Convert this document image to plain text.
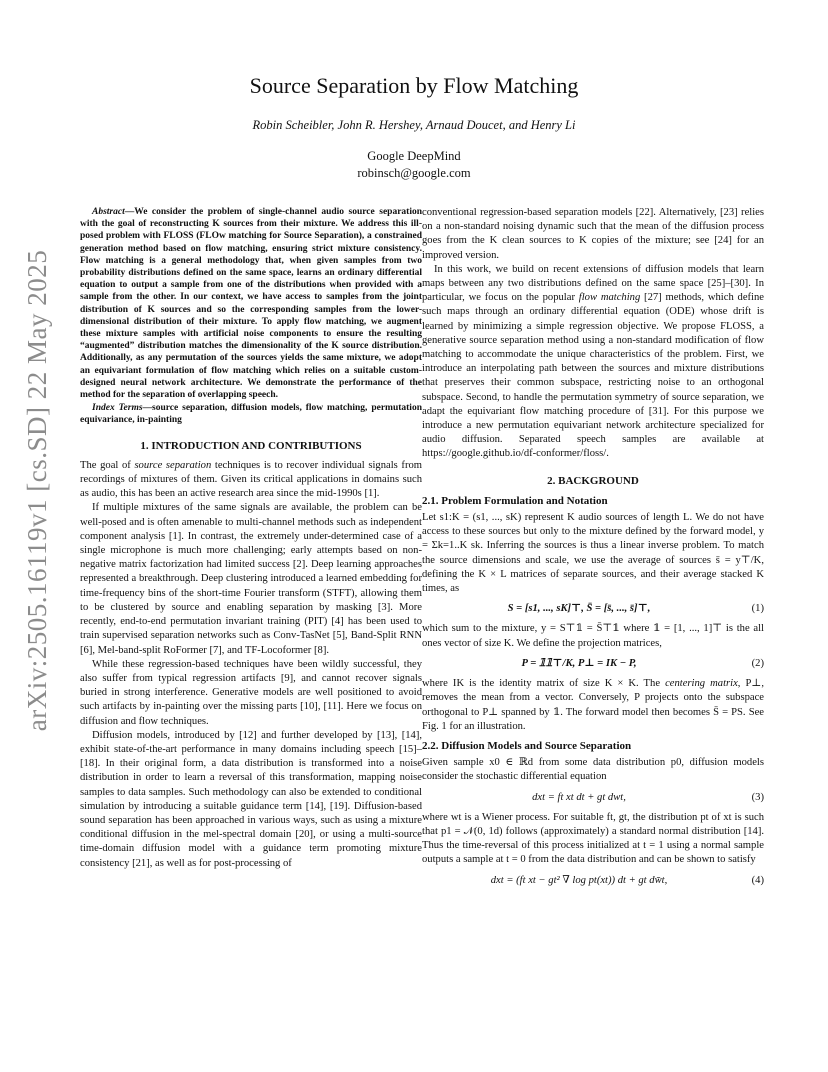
arXiv:2505.16119v1 [cs.SD] 22 May 2025
Source Separation by Flow Matching
Robin Scheibler, John R. Hershey, Arnaud Doucet, and Henry Li
Google DeepMind
robinsch@google.com

Abstract—We consider the problem of single-channel audio source separation with the goal of reconstructing K sources from their mixture. We address this ill-posed problem with FLOSS (FLOw matching for Source Separation), a constrained generation method based on flow matching, ensuring strict mixture consistency. Flow matching is a general methodology that, when given samples from two probability distributions defined on the same space, learns an ordinary differential equation to output a sample from one of the distributions when provided with a sample from the other. In our context, we have access to samples from the joint distribution of K sources and so the corresponding samples from the lower-dimensional distribution of their mixture. To apply flow matching, we augment these mixture samples with artificial noise components to ensure the resulting “augmented” distribution matches the dimensionality of the K source distribution. Additionally, as any permutation of the sources yields the same mixture, we adopt an equivariant formulation of flow matching which relies on a suitable custom-designed neural network architecture. We demonstrate the performance of the method for the separation of overlapping speech.

Index Terms—source separation, diffusion models, flow matching, permutation equivariance, in-painting

1. INTRODUCTION AND CONTRIBUTIONS

The goal of source separation techniques is to recover individual signals from recordings of mixtures of them. Given its critical applications in domains such as audio, this has been an active research area since the mid-1990s [1].

If multiple mixtures of the same signals are available, the problem can be well-posed and is often amenable to multi-channel methods such as independent component analysis [1]. In contrast, the extremely under-determined case of a single microphone is much more challenging; early attempts based on non-negative matrix factorization had limited success [2]. Deep learning approaches represented a breakthrough. Deep clustering introduced a learned embedding for time-frequency bins of the short-time Fourier transform (STFT), allowing them to be clustered by source and enabling separation by masking [3]. More recently, end-to-end permutation invariant training (PIT) [4] has been used to train supervised separation networks such as Conv-TasNet [5], Band-Split RNN [6], Mel-band-split RoFormer [7], and TF-Locoformer [8].

While these regression-based techniques have been wildly successful, they also suffer from typical regression artifacts [9], and cannot recover signals buried in strong interference. Generative models are well positioned to avoid such artifacts by in-painting over the missing parts [10], [11]. Here we focus on diffusion and flow techniques.

Diffusion models, introduced by [12] and further developed by [13], [14], exhibit state-of-the-art performance in many domains including speech [15]–[18]. In their original form, a data distribution is transformed into a noise distribution in order to learn a reversal of this transformation, mapping noise samples to data samples. Such methodology can also be extended to conditional simulation by introducing a suitable guidance term [14], [19]. Diffusion-based sound separation has been approached in various ways, such as using a mixture conditional diffusion in the mel-spectral domain [20], or using a multi-source time-domain diffusion model with a guidance term promoting mixture consistency [21], as well as for post-processing of

conventional regression-based separation models [22]. Alternatively, [23] relies on a non-standard noising dynamic such that the mean of the diffusion process goes from the K clean sources to K copies of the mixture; see [24] for an improved version.

In this work, we build on recent extensions of diffusion models that learn maps between any two distributions defined on the same space [25]–[30]. In particular, we focus on the popular flow matching [27] methods, which define such maps through an ordinary differential equation (ODE) whose drift is learned by minimizing a simple regression objective. We propose FLOSS, a generative source separation method using a non-standard modification of flow matching to accommodate the unique characteristics of the problem. First, we introduce an interpolating path between the sources and mixture distributions that preserves their common subspace, restricting noise to an orthogonal subspace. Second, to handle the permutation symmetry of source separation, we adapt the equivariant flow matching procedure of [31]. For this purpose we introduce a new permutation equivariant network architecture specialized for audio diffusion. Separated speech samples are available at https://google.github.io/df-conformer/floss/.

2. BACKGROUND
2.1. Problem Formulation and Notation

Let s1:K = (s1, ..., sK) represent K audio sources of length L. We do not have access to these sources but only to the mixture defined by the forward model, y = Σk=1..K sk. Inferring the sources is thus a linear inverse problem. To match the source dimensions and scale, we use the average of sources s̄ = y⊤/K, defining the K × L matrices of separate sources, and their average stacked K times, as

S = [s1, ..., sK]⊤, S̄ = [s̄, ..., s̄]⊤,	(1)

which sum to the mixture, y = S⊤𝟙 = S̄⊤𝟙 where 𝟙 = [1, ..., 1]⊤ is the all ones vector of size K. We define the projection matrices,

P = 𝟙𝟙⊤/K, P⊥ = IK − P,	(2)

where IK is the identity matrix of size K × K. The centering matrix, P⊥, removes the mean from a vector. Conversely, P projects onto the subspace orthogonal to P⊥ spanned by 𝟙. The forward model then becomes S̄ = PS. See Fig. 1 for an illustration.

2.2. Diffusion Models and Source Separation

Given sample x0 ∈ ℝd from some data distribution p0, diffusion models consider the stochastic differential equation

dxt = ft xt dt + gt dwt,	(3)

where wt is a Wiener process. For suitable ft, gt, the distribution pt of xt is such that p1 = 𝒩(0, 1d) follows (approximately) a standard normal distribution [14]. Thus the time-reversal of this process initialized at t = 1 using a normal sample outputs a sample at t = 0 from the data distribution and can be shown to satisfy

dxt = (ft xt − gt² ∇ log pt(xt)) dt + gt dw̄t,	(4)
